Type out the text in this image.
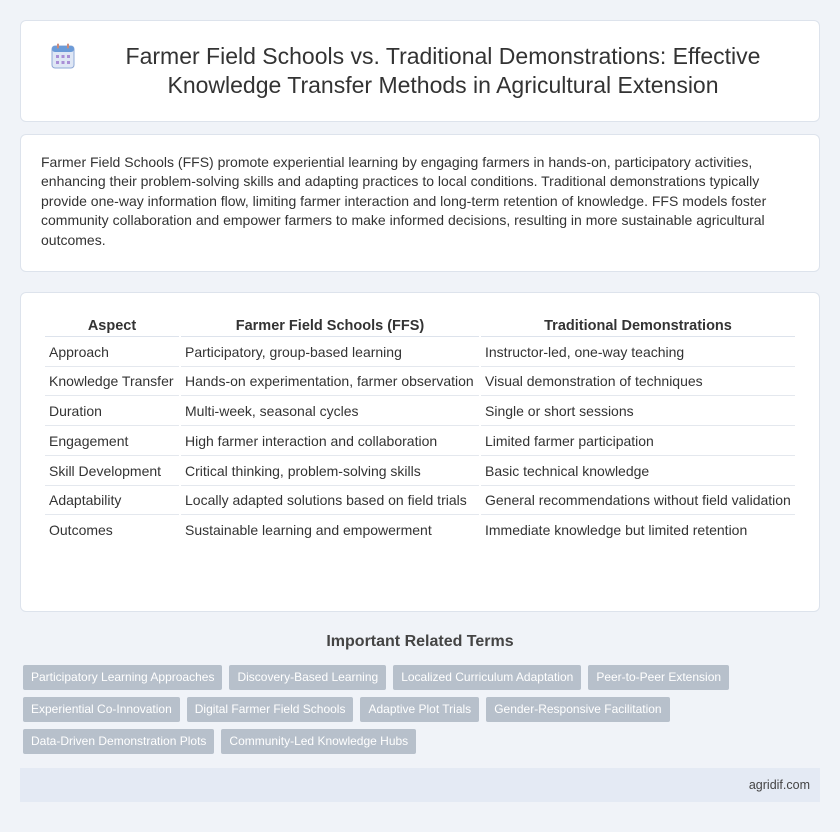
Farmer Field Schools vs. Traditional Demonstrations: Effective Knowledge Transfer Methods in Agricultural Extension

Farmer Field Schools (FFS) promote experiential learning by engaging farmers in hands-on, participatory activities, enhancing their problem-solving skills and adapting practices to local conditions. Traditional demonstrations typically provide one-way information flow, limiting farmer interaction and long-term retention of knowledge. FFS models foster community collaboration and empower farmers to make informed decisions, resulting in more sustainable agricultural outcomes.

Aspect	Farmer Field Schools (FFS)	Traditional Demonstrations
Approach	Participatory, group-based learning	Instructor-led, one-way teaching
Knowledge Transfer	Hands-on experimentation, farmer observation	Visual demonstration of techniques
Duration	Multi-week, seasonal cycles	Single or short sessions
Engagement	High farmer interaction and collaboration	Limited farmer participation
Skill Development	Critical thinking, problem-solving skills	Basic technical knowledge
Adaptability	Locally adapted solutions based on field trials	General recommendations without field validation
Outcomes	Sustainable learning and empowerment	Immediate knowledge but limited retention
Important Related Terms
Participatory Learning Approaches	Discovery-Based Learning	Localized Curriculum Adaptation	Peer-to-Peer Extension
Experiential Co-Innovation	Digital Farmer Field Schools	Adaptive Plot Trials	Gender-Responsive Facilitation
Data-Driven Demonstration Plots	Community-Led Knowledge Hubs
agridif.com
